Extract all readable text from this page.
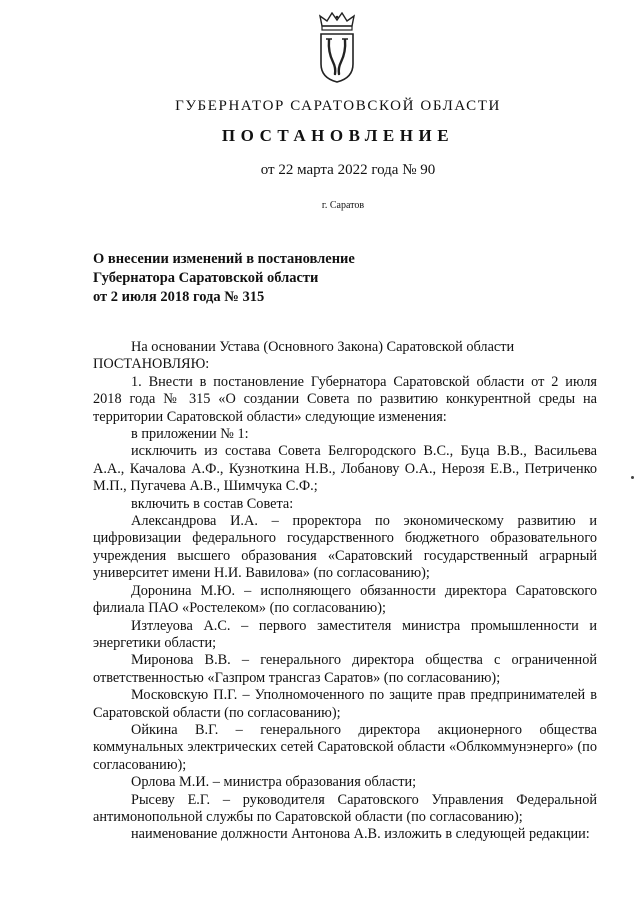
ГУБЕРНАТОР САРАТОВСКОЙ ОБЛАСТИ
ПОСТАНОВЛЕНИЕ
от 22 марта 2022 года № 90
г. Саратов
О внесении изменений в постановление
Губернатора Саратовской области
от 2 июля 2018 года № 315

На основании Устава (Основного Закона) Саратовской области

ПОСТАНОВЛЯЮ:

1. Внести в постановление Губернатора Саратовской области от 2 июля 2018 года № 315 «О создании Совета по развитию конкурентной среды на территории Саратовской области» следующие изменения:

в приложении № 1:

исключить из состава Совета Белгородского В.С., Буца В.В., Васильева А.А., Качалова А.Ф., Кузноткина Н.В., Лобанову О.А., Нерозя Е.В., Петриченко М.П., Пугачева А.В., Шимчука С.Ф.;

включить в состав Совета:

Александрова И.А. – проректора по экономическому развитию и цифровизации федерального государственного бюджетного образовательного учреждения высшего образования «Саратовский государственный аграрный университет имени Н.И. Вавилова» (по согласованию);

Доронина М.Ю. – исполняющего обязанности директора Саратовского филиала ПАО «Ростелеком» (по согласованию);

Изтлеуова А.С. – первого заместителя министра промышленности и энергетики области;

Миронова В.В. – генерального директора общества с ограниченной ответственностью «Газпром трансгаз Саратов» (по согласованию);

Московскую П.Г. – Уполномоченного по защите прав предпринимателей в Саратовской области (по согласованию);

Ойкина В.Г. – генерального директора акционерного общества коммунальных электрических сетей Саратовской области «Облкоммунэнерго» (по согласованию);

Орлова М.И. – министра образования области;

Рысеву Е.Г. – руководителя Саратовского Управления Федеральной антимонопольной службы по Саратовской области (по согласованию);

наименование должности Антонова А.В. изложить в следующей редакции:
